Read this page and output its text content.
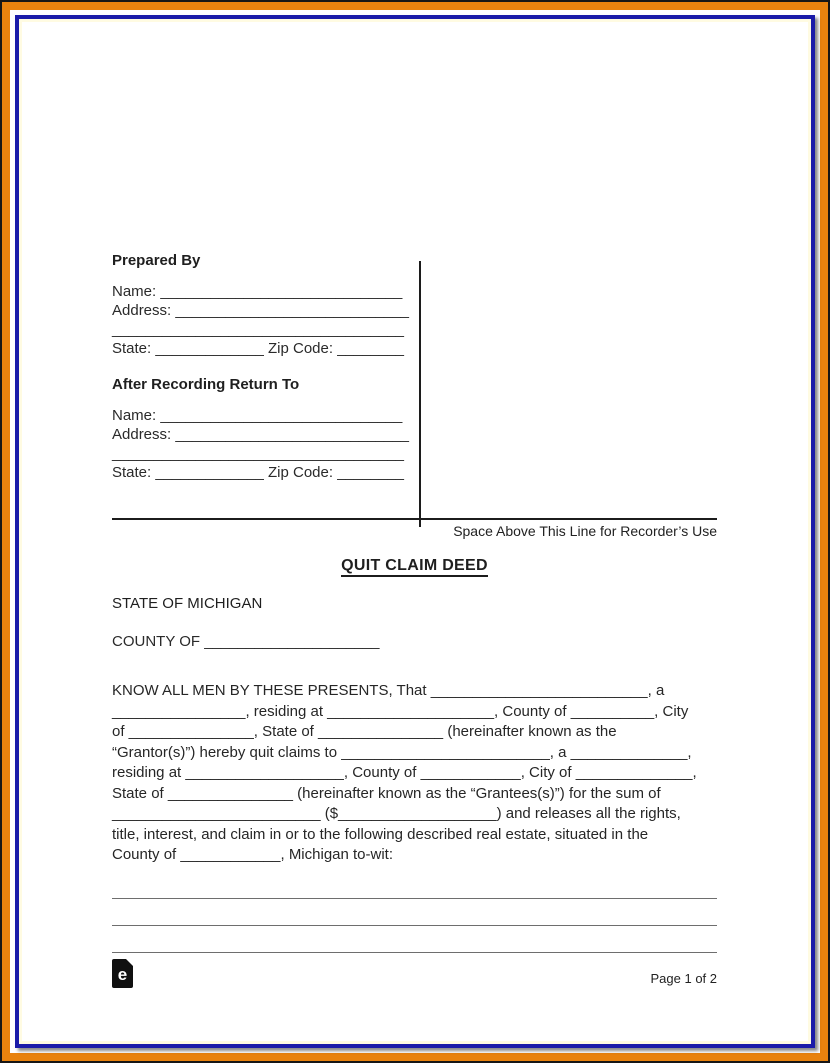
Prepared By
Name: _____________________________
Address: ____________________________
___________________________________
State: _____________ Zip Code: ________
After Recording Return To
Name: _____________________________
Address: ____________________________
___________________________________
State: _____________ Zip Code: ________
Space Above This Line for Recorder’s Use
QUIT CLAIM DEED
STATE OF MICHIGAN
COUNTY OF _____________________
KNOW ALL MEN BY THESE PRESENTS, That __________________________, a
________________, residing at ____________________, County of __________, City
of _______________, State of _______________ (hereinafter known as the
“Grantor(s)”) hereby quit claims to _________________________, a ______________,
residing at ___________________, County of ____________, City of ______________,
State of _______________ (hereinafter known as the “Grantees(s)”) for the sum of
_________________________ ($___________________) and releases all the rights,
title, interest, and claim in or to the following described real estate, situated in the
County of ____________, Michigan to-wit:
e	Page 1 of 2
